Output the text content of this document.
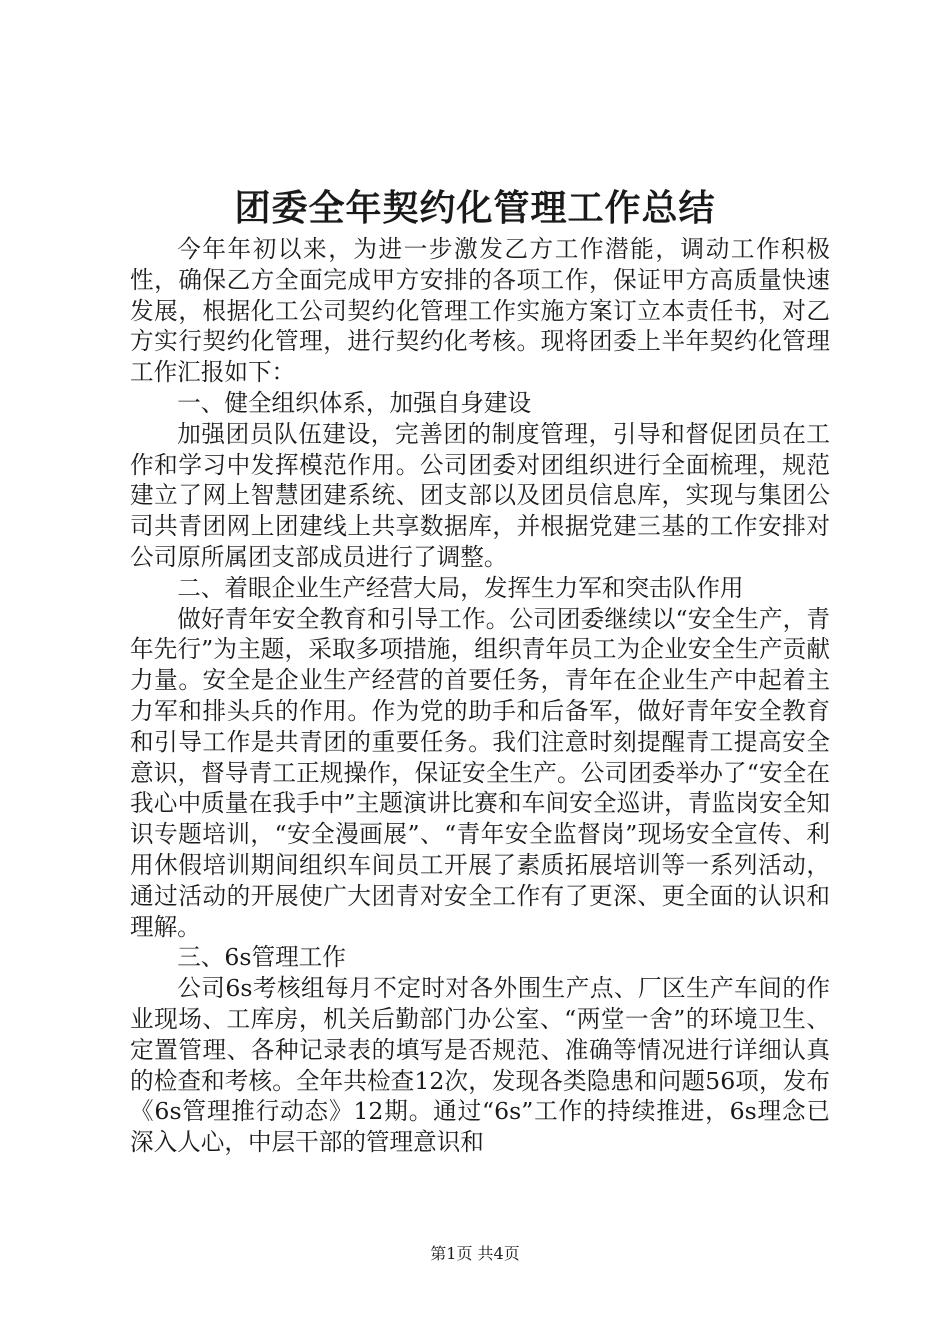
团委全年契约化管理工作总结

今年年初以来，为进一步激发乙方工作潜能，调动工作积极性，确保乙方全面完成甲方安排的各项工作，保证甲方高质量快速发展，根据化工公司契约化管理工作实施方案订立本责任书，对乙方实行契约化管理，进行契约化考核。现将团委上半年契约化管理工作汇报如下：

一、健全组织体系，加强自身建设

加强团员队伍建设，完善团的制度管理，引导和督促团员在工作和学习中发挥模范作用。公司团委对团组织进行全面梳理，规范建立了网上智慧团建系统、团支部以及团员信息库，实现与集团公司共青团网上团建线上共享数据库，并根据党建三基的工作安排对公司原所属团支部成员进行了调整。

二、着眼企业生产经营大局，发挥生力军和突击队作用

做好青年安全教育和引导工作。公司团委继续以“安全生产，青年先行”为主题，采取多项措施，组织青年员工为企业安全生产贡献力量。安全是企业生产经营的首要任务，青年在企业生产中起着主力军和排头兵的作用。作为党的助手和后备军，做好青年安全教育和引导工作是共青团的重要任务。我们注意时刻提醒青工提高安全意识，督导青工正规操作，保证安全生产。公司团委举办了“安全在我心中质量在我手中”主题演讲比赛和车间安全巡讲，青监岗安全知识专题培训，“安全漫画展”、“青年安全监督岗”现场安全宣传、利用休假培训期间组织车间员工开展了素质拓展培训等一系列活动，通过活动的开展使广大团青对安全工作有了更深、更全面的认识和理解。

三、6s管理工作

公司6s考核组每月不定时对各外围生产点、厂区生产车间的作业现场、工库房，机关后勤部门办公室、“两堂一舍”的环境卫生、定置管理、各种记录表的填写是否规范、准确等情况进行详细认真的检查和考核。全年共检查12次，发现各类隐患和问题56项，发布《6s管理推行动态》12期。通过“6s”工作的持续推进，6s理念已深入人心，中层干部的管理意识和

第1页 共4页
